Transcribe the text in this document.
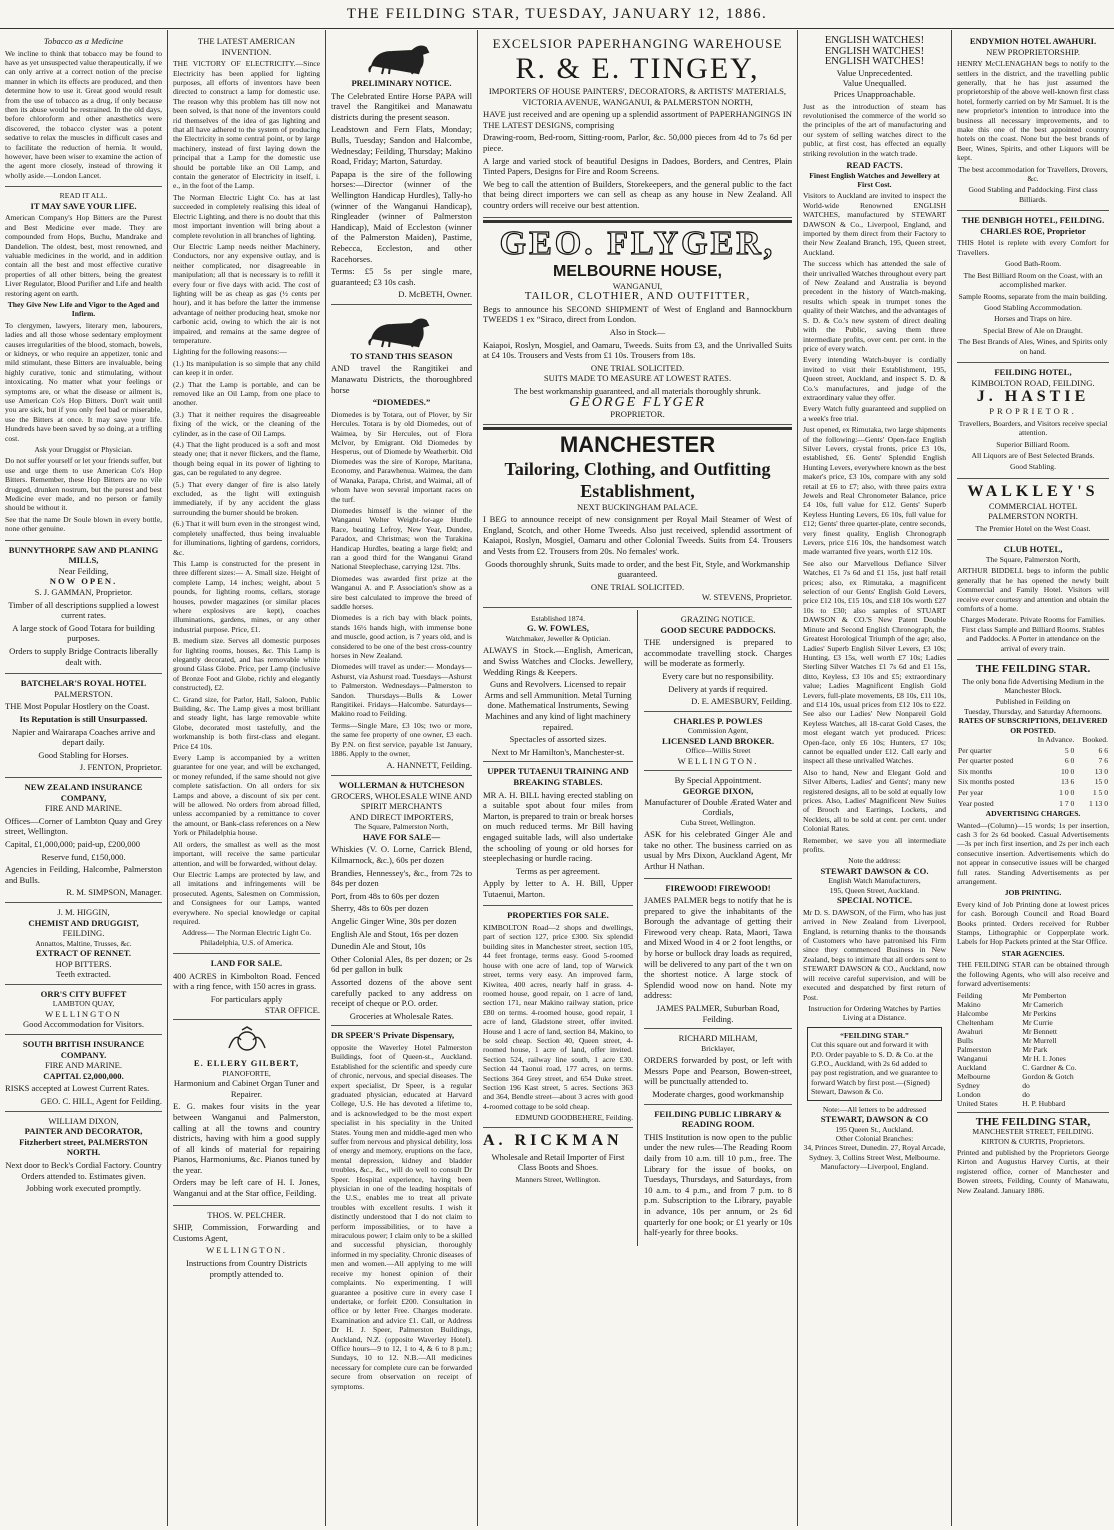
THE FEILDING STAR, TUESDAY, JANUARY 12, 1886.
Tobacco as a Medicine

We incline to think that tobacco may be found to have as yet unsuspected value therapeutically, if we can only arrive at a correct notion of the precise manner in which its effects are produced, and then determine how to use it. Great good would result from the use of tobacco as a drug, if only because then its abuse would be restrained. In the old days, before chloroform and other anæsthetics were discovered, the tobacco clyster was a potent sedative to relax the muscles in difficult cases and to facilitate the reduction of hernia. It would, however, have been wiser to examine the action of the agent more closely, instead of throwing it wholly aside.—London Lancet.

READ IT ALL.
IT MAY SAVE YOUR LIFE.

American Company's Hop Bitters are the Purest and Best Medicine ever made. They are compounded from Hops, Buchu, Mandrake and Dandelion. The oldest, best, most renowned, and valuable medicines in the world, and in addition contain all the best and most effective curative properties of all other bitters, being the greatest Liver Regulator, Blood Purifier and Life and health restoring agent on earth.

They Give New Life and Vigor to the Aged and Infirm.

To clergymen, lawyers, literary men, labourers, ladies and all those whose sedentary employment causes irregularities of the blood, stomach, bowels, or kidneys, or who require an appetizer, tonic and mild stimulant, these Bitters are invaluable, being highly curative, tonic and stimulating, without intoxicating. No matter what your feelings or symptoms are, or what the disease or ailment is, use American Co's Hop Bitters. Don't wait until you are sick, but if you only feel bad or miserable, use the Bitters at once. It may save your life. Hundreds have been saved by so doing, at a trifling cost.

Ask your Druggist or Physician.

Do not suffer yourself or let your friends suffer, but use and urge them to use American Co's Hop Bitters. Remember, these Hop Bitters are no vile drugged, drunken nostrum, but the purest and best Medicine ever made, and no person or family should be without it.

See that the name Dr Soule blown in every bottle, none other genuine.

BUNNYTHORPE SAW AND PLANING MILLS,
Near Feilding,
NOW OPEN.
S. J. GAMMAN, Proprietor.

Timber of all descriptions supplied a lowest current rates.

A large stock of Good Totara for building purposes.

Orders to supply Bridge Contracts liberally dealt with.

BATCHELAR'S ROYAL HOTEL
PALMERSTON.

THE Most Popular Hostlery on the Coast.

Its Reputation is still Unsurpassed.

Napier and Wairarapa Coaches arrive and depart daily.

Good Stabling for Horses.

J. FENTON, Proprietor.
NEW ZEALAND INSURANCE COMPANY,
FIRE AND MARINE.

Offices—Corner of Lambton Quay and Grey street, Wellington.

Capital, £1,000,000; paid-up, £200,000

Reserve fund, £150,000.

Agencies in Feilding, Halcombe, Palmerston and Bulls.

R. M. SIMPSON, Manager.
J. M. HIGGIN,
CHEMIST AND DRUGGIST,
FEILDING.
Annattos, Maltine, Trusses, &c.
EXTRACT OF RENNET.
HOP BITTERS.
Teeth extracted.
ORR'S CITY BUFFET
LAMBTON QUAY,
WELLINGTON
Good Accommodation for Visitors.
SOUTH BRITISH INSURANCE COMPANY.
FIRE AND MARINE.
CAPITAL £2,000,000.

RISKS accepted at Lowest Current Rates.

GEO. C. HILL, Agent for Feilding.
WILLIAM DIXON,
PAINTER AND DECORATOR, Fitzherbert street, PALMERSTON NORTH.

Next door to Beck's Cordial Factory. Country Orders attended to. Estimates given.

Jobbing work executed promptly.
THE LATEST AMERICAN INVENTION.

THE VICTORY OF ELECTRICITY.—Since Electricity has been applied for lighting purposes, all efforts of inventors have been directed to construct a lamp for domestic use. The reason why this problem has till now not been solved, is that none of the inventors could rid themselves of the idea of gas lighting and that all have adhered to the system of producing the Electricity in some central point, or by large machinery, instead of first laying down the principal that a Lamp for the domestic use should be portable like an Oil Lamp, and contain the generator of Electricity in itself, i. e., in the foot of the Lamp.

The Norman Electric Light Co. has at last succeeded in completely realising this ideal of Electric Lighting, and there is no doubt that this most important invention will bring about a complete revolution in all branches of lighting.

Our Electric Lamp needs neither Machinery, Conductors, nor any expensive outlay, and is neither complicated, nor disagreeable in manipulation; all that is necessary is to refill it every four or five days with acid. The cost of lighting will be as cheap as gas (½ cents per hour), and it has before the latter the immense advantage of neither producing heat, smoke nor carbonic acid, owing to which the air is not impaired, and remains at the same degree of temperature.

Lighting for the following reasons:—

(1.) Its manipulation is so simple that any child can keep it in order.

(2.) That the Lamp is portable, and can be removed like an Oil Lamp, from one place to another.

(3.) That it neither requires the disagreeable fixing of the wick, or the cleaning of the cylinder, as in the case of Oil Lamps.

(4.) That the light produced is a soft and most steady one; that it never flickers, and the flame, though being equal in its power of lighting to gas, can be regulated to any degree.

(5.) That every danger of fire is also lately excluded, as the light will extinguish immediately, if by any accident the glass surrounding the burner should be broken.

(6.) That it will burn even in the strongest wind, completely unaffected, thus being invaluable for illuminations, lighting of gardens, corridors, &c.

This Lamp is constructed for the present in three different sizes:— A. Small size. Height of complete Lamp, 14 inches; weight, about 5 pounds, for lighting rooms, cellars, storage houses, powder magazines (or similar places where explosives are kept), coaches illuminations, gardens, mines, or any other industrial purpose. Price, £1.

B. medium size. Serves all domestic purposes for lighting rooms, houses, &c. This Lamp is elegantly decorated, and has removable white ground Glass Globe. Price, per Lamp (inclusive of Bronze Foot and Globe, richly and elegantly constructed), £2.

C. Grand size, for Parlor, Hall, Saloon, Public Building, &c. The Lamp gives a most brilliant and steady light, has large removable white Globe, decorated most tastefully, and the workmanship is both first-class and elegant. Price £4 10s.

Every Lamp is accompanied by a written guarantee for one year, and will be exchanged, or money refunded, if the same should not give complete satisfaction. On all orders for six Lamps and above, a discount of six per cent. will be allowed. No orders from abroad filled, unless accompanied by a remittance to cover the amount, or Bank-class references on a New York or Philadelphia house.

All orders, the smallest as well as the most important, will receive the same particular attention, and will be forwarded, without delay.

Our Electric Lamps are protected by law, and all imitations and infringements will be prosecuted. Agents, Salesmen on Commission, and Consignees for our Lamps, wanted everywhere. No special knowledge or capital required.

Address— The Norman Electric Light Co. Philadelphia, U.S. of America.

LAND FOR SALE.

400 ACRES in Kimbolton Road. Fenced with a ring fence, with 150 acres in grass.

For particulars apply
STAR OFFICE.
E. ELLERY GILBERT,
PIANOFORTE,
Harmonium and Cabinet Organ Tuner and Repairer.

E. G. makes four visits in the year between Wanganui and Palmerston, calling at all the towns and country districts, having with him a good supply of all kinds of material for repairing Pianos, Harmoniums, &c. Pianos tuned by the year.

Orders may be left care of H. I. Jones, Wanganui and at the Star office, Feilding.

THOS. W. PELCHER.

SHIP, Commission, Forwarding and Customs Agent,

WELLINGTON.

Instructions from Country Districts promptly attended to.

PRELIMINARY NOTICE.

The Celebrated Entire Horse PAPA will travel the Rangitikei and Manawatu districts during the present season.

Leadstown and Fern Flats, Monday; Bulls, Tuesday; Sandon and Halcombe, Wednesday; Feilding, Thursday; Makino Road, Friday; Marton, Saturday.

Papapa is the sire of the following horses:—Director (winner of the Wellington Handicap Hurdles), Tally-ho (winner of the Wanganui Handicap), Ringleader (winner of Palmerston Handicap), Maid of Eccleston (winner of the Palmerston Maiden), Pastime, Rebecca, Eccleston, and other Racehorses.

Terms: £5 5s per single mare, guaranteed; £3 10s cash.

D. McBETH, Owner.
TO STAND THIS SEASON

AND travel the Rangitikei and Manawatu Districts, the thoroughbred horse

“DIOMEDES.”

Diomedes is by Totara, out of Plover, by Sir Hercules. Totara is by old Diomedes, out of Waimea, by Sir Hercules, out of Flora McIvor, by Emigrant. Old Diomedes by Hesperus, out of Diomede by Weatherbit. Old Diomedes was the sire of Korope, Maritana, Economy, and Parawhenua. Waimea, the dam of Wanaka, Parapa, Christ, and Waimai, all of whom have won several important races on the turf.

Diomedes himself is the winner of the Wanganui Welter Weight-for-age Hurdle Race, beating Lefroy, New Year, Dundee, Paradox, and Christmas; won the Turakina Handicap Hurdles, beating a large field; and ran a good third for the Wanganui Grand National Steeplechase, carrying 12st. 7lbs.

Diomedes was awarded first prize at the Wanganui A. and P. Association's show as a sire best calculated to improve the breed of saddle horses.

Diomedes is a rich bay with black points, stands 16½ hands high, with immense bone and muscle, good action, is 7 years old, and is considered to be one of the best cross-country horses in New Zealand.

Diomedes will travel as under:— Mondays—Ashurst, via Ashurst road. Tuesdays—Ashurst to Palmerston. Wednesdays—Palmerston to Sandon. Thursdays—Bulls & Lower Rangitikei. Fridays—Halcombe. Saturdays—Makino road to Feilding.

Terms—Single Mare, £3 10s; two or more, the same fee property of one owner, £3 each. By P.N. on first service, payable 1st January, 1886. Apply to the owner,

A. HANNETT, Feilding.
WOLLERMAN & HUTCHESON
GROCERS, WHOLESALE WINE AND SPIRIT MERCHANTS
AND DIRECT IMPORTERS,
The Square, Palmerston North,
HAVE FOR SALE—

Whiskies (V. O. Lorne, Carrick Blend, Kilmarnock, &c.), 60s per dozen

Brandies, Hennessey's, &c., from 72s to 84s per dozen

Port, from 48s to 60s per dozen

Sherry, 48s to 60s per dozen

Angelic Ginger Wine, 30s per dozen

English Ale and Stout, 16s per dozen

Dunedin Ale and Stout, 10s

Other Colonial Ales, 8s per dozen; or 2s 6d per gallon in bulk

Assorted dozens of the above sent carefully packed to any address on receipt of cheque or P.O. order.

Groceries at Wholesale Rates.
DR SPEER'S Private Dispensary,

opposite the Waverley Hotel Palmerston Buildings, foot of Queen-st., Auckland. Established for the scientific and speedy cure of chronic, nervous, and special diseases. The expert specialist, Dr Speer, is a regular graduated physician, educated at Harvard College, U.S. He has devoted a lifetime to, and is acknowledged to be the most expert specialist in his speciality in the United States. Young men and middle-aged men who suffer from nervous and physical debility, loss of energy and memory, eruptions on the face, mental depression, kidney and bladder troubles, &c., &c., will do well to consult Dr Speer. Hospital experience, having been physician in one of the leading hospitals of the U.S., enables me to treat all private troubles with excellent results. I wish it distinctly understood that I do not claim to perform impossibilities, or to have a miraculous power; I claim only to be a skilled and successful physician, thoroughly informed in my speciality. Chronic diseases of men and women.—All applying to me will receive my honest opinion of their complaints. No experimenting. I will guarantee a positive cure in every case I undertake, or forfeit £200. Consultation in office or by letter Free. Charges moderate. Examination and advice £1. Call, or Address Dr H. J. Speer, Palmerston Buildings, Auckland, N.Z. (opposite Waverley Hotel). Office hours—9 to 12, 1 to 4, & 6 to 8 p.m.; Sundays, 10 to 12. N.B.—All medicines necessary for complete cure can be forwarded secure from observation on receipt of symptoms.

EXCELSIOR PAPERHANGING WAREHOUSE
R. & E. TINGEY,
IMPORTERS OF HOUSE PAINTERS', DECORATORS, & ARTISTS' MATERIALS,
VICTORIA AVENUE, WANGANUI, & PALMERSTON NORTH,

HAVE just received and are opening up a splendid assortment of PAPERHANGINGS IN THE LATEST DESIGNS, comprising

Drawing-room, Bed-room, Sitting-room, Parlor, &c. 50,000 pieces from 4d to 7s 6d per piece.

A large and varied stock of beautiful Designs in Dadoes, Borders, and Centres, Plain Tinted Papers, Designs for Fire and Room Screens.

We beg to call the attention of Builders, Storekeepers, and the general public to the fact that being direct importers we can sell as cheap as any house in New Zealand. All country orders will receive our best attention.

GEO. FLYGER,
MELBOURNE HOUSE,
WANGANUI,
TAILOR, CLOTHIER, AND OUTFITTER,

Begs to announce his SECOND SHIPMENT of West of England and Bannockburn TWEEDS 1 ex “Siraco, direct from London.

Also in Stock—

Kaiapoi, Roslyn, Mosgiel, and Oamaru, Tweeds. Suits from £3, and the Unrivalled Suits at £4 10s. Trousers and Vests from £1 10s. Trousers from 18s.

ONE TRIAL SOLICITED.
SUITS MADE TO MEASURE AT LOWEST RATES.

The best workmanship guaranteed, and all materials thoroughly shrunk.

GEORGE FLYGER
PROPRIETOR.
MANCHESTER
Tailoring, Clothing, and Outfitting Establishment,
NEXT BUCKINGHAM PALACE.

I BEG to announce receipt of new consignment per Royal Mail Steamer of West of England, Scotch, and other Home Tweeds. Also just received, splendid assortment of Kaiapoi, Roslyn, Mosgiel, Oamaru and other Colonial Tweeds. Suits from £4. Trousers and Vests from £2. Trousers from 20s. No females' work.

Goods thoroughly shrunk, Suits made to order, and the best Fit, Style, and Workmanship guaranteed.

ONE TRIAL SOLICITED.
W. STEVENS, Proprietor.
Established 1874.
G. W. FOWLES,
Watchmaker, Jeweller & Optician.

ALWAYS in Stock.—English, American, and Swiss Watches and Clocks. Jewellery, Wedding Rings & Keepers.

Guns and Revolvers. Licensed to repair Arms and sell Ammunition. Metal Turning done. Mathematical Instruments, Sewing Machines and any kind of light machinery repaired.

Spectacles of assorted sizes.

Next to Mr Hamilton's, Manchester-st.
UPPER TUTAENUI TRAINING AND BREAKING STABLES.

MR A. H. BILL having erected stabling on a suitable spot about four miles from Marton, is prepared to train or break horses on much reduced terms. Mr Bill having engaged suitable lads, will also undertake the schooling of young or old horses for steeplechasing or hurdle racing.

Terms as per agreement.

Apply by letter to A. H. Bill, Upper Tutaenui, Marton.

PROPERTIES FOR SALE.

KIMBOLTON Road—2 shops and dwellings, part of section 127, price £300. Six splendid building sites in Manchester street, section 105, 44 feet frontage, terms easy. Good 5-roomed house with one acre of land, top of Warwick street, terms very easy. An improved farm, Kiwitea, 400 acres, nearly half in grass. 4-roomed house, good repair, on 1 acre of land, section 171, near Makino railway station, price £80 on terms. 4-roomed house, good repair, 1 acre of land, Gladstone street, offer invited. House and 1 acre of land, section 84, Makino, to be sold cheap. Section 40, Queen street, 4-roomed house, 1 acre of land, offer invited. Section 524, railway line south, 1 acre £30. Section 44 Taonui road, 177 acres, on terms. Sections 364 Grey street, and 654 Duke street. Section 196 Kast street, 5 acres. Sections 363 and 364, Bendle street—about 3 acres with good 4-roomed cottage to be sold cheap.

EDMUND GOODBEHERE, Feilding.
A. RICKMAN

Wholesale and Retail Importer of First Class Boots and Shoes.

Manners Street, Wellington.
GRAZING NOTICE.
GOOD SECURE PADDOCKS.

THE undersigned is prepared to accommodate travelling stock. Charges will be moderate as formerly.

Every care but no responsibility.

Delivery at yards if required.

D. E. AMESBURY, Feilding.
CHARLES P. POWLES
Commission Agent,
LICENSED LAND BROKER.
Office—Willis Street
WELLINGTON.
By Special Appointment.
GEORGE DIXON,
Manufacturer of Double Ærated Water and Cordials,
Cuba Street, Wellington.

ASK for his celebrated Ginger Ale and take no other. The business carried on as usual by Mrs Dixon, Auckland Agent, Mr Arthur H Nathan.

FIREWOOD! FIREWOOD!

JAMES PALMER begs to notify that he is prepared to give the inhabitants of the Borough the advantage of getting their Firewood very cheap. Rata, Maori, Tawa and Mixed Wood in 4 or 2 foot lengths, or by horse or bullock dray loads as required, will be delivered to any part of the t wn on the shortest notice. A large stock of Splendid wood now on hand. Note my address:

JAMES PALMER, Suburban Road, Feilding.
RICHARD MILHAM,
Bricklayer,

ORDERS forwarded by post, or left with Messrs Pope and Pearson, Bowen-street, will be punctually attended to.

Moderate charges, good workmanship
FEILDING PUBLIC LIBRARY & READING ROOM.

THIS Institution is now open to the public under the new rules—The Reading Room daily from 10 a.m. till 10 p.m., free. The Library for the issue of books, on Tuesdays, Thursdays, and Saturdays, from 10 a.m. to 4 p.m., and from 7 p.m. to 8 p.m. Subscription to the Library, payable in advance, 10s per annum, or 2s 6d quarterly for one book; or £1 yearly or 10s half-yearly for three books.

ENGLISH WATCHES!
ENGLISH WATCHES!
ENGLISH WATCHES!
Value Unprecedented.
Value Unequalled.
Prices Unapproachable.

Just as the introduction of steam has revolutionised the commerce of the world so the principles of the art of manufacturing and our system of selling watches direct to the public, at first cost, has effected an equally striking revolution in the watch trade.

READ FACTS.
Finest English Watches and Jewellery at First Cost.

Visitors to Auckland are invited to inspect the World-wide Renowned ENGLISH WATCHES, manufactured by STEWART DAWSON & Co., Liverpool, England, and imported by them direct from their Factory to their New Zealand Branch, 195, Queen street, Auckland.

The success which has attended the sale of their unrivalled Watches throughout every part of New Zealand and Australia is beyond precedent in the history of Watch-making, results which speak in trumpet tones the quality of their Watches, and the advantages of S. D. & Co.'s new system of direct dealing with the Public, saving them three intermediate profits, over cent. per cent. in the price of every watch.

Every intending Watch-buyer is cordially invited to visit their Establishment, 195, Queen street, Auckland, and inspect S. D. & Co.'s manufactures, and judge of the extraordinary value they offer.

Every Watch fully guaranteed and supplied on a week's free trial.

Just opened, ex Rimutaka, two large shipments of the following:—Gents' Open-face English Silver Levers, crystal fronts, price £3 10s, established, £6. Gents' Splendid English Hunting Levers, everywhere known as the best maker's price, £3 10s, compare with any sold retail at £6 to £7; also, with three pairs extra Jewels and Real Chronometer Balance, price £4 10s, full value for £12. Gents' Superb Keyless Hunting Levers, £6 10s, full value for £12; Gents' three quarter-plate, centre seconds, very finest quality, English Chronograph Levers, price £16 10s, the handsomest watch made warranted five years, worth £12 10s.

See also our Marvellous Defiance Silver Watches, £1 7s 6d and £1 15s, just half retail prices; also, ex Rimutaka, a magnificent selection of our Gents' English Gold Levers, price £12 10s, £15 10s, and £18 10s worth £27 10s to £30; also samples of STUART DAWSON & CO.'S New Patent Double Minute and Second English Chronograph, the Greatest Horological Triumph of the age; also, Ladies' Superb English Silver Levers, £3 10s; Hunting, £3 15s, well worth £7 10s; Ladies Sterling Silver Watches £1 7s 6d and £1 15s, ditto, Keyless, £3 10s and £5; extraordinary value; Ladies Magnificent English Gold Levers, full-plate movements, £8 10s, £11 10s, and £14 10s, usual prices from £12 10s to £22. See also our Ladies' New Nonpareil Gold Keyless Watches, all 18-carat Gold Cases, the most elegant watch yet produced. Prices: Open-face, only £6 10s; Hunters, £7 10s; cannot be equalled under £12. Call early and inspect all these unrivalled Watches.

Also to hand, New and Elegant Gold and Silver Alberts, Ladies' and Gents'; many new registered designs, all to be sold at equally low prices. Also, Ladies' Magnificent New Suites of Brooch and Earrings, Lockets, and Necklets, all to be sold at cent. per cent. under Colonial Rates.

Remember, we save you all intermediate profits.

Note the address:
STEWART DAWSON & CO.
English Watch Manufacturers,
195, Queen Street, Auckland.
SPECIAL NOTICE.

Mr D. S. DAWSON, of the Firm, who has just arrived in New Zealand from Liverpool, England, is returning thanks to the thousands of Customers who have patronised his Firm since they commenced Business in New Zealand, begs to intimate that all orders sent to STEWART DAWSON & CO., Auckland, now will receive careful supervision, and will be executed and despatched by first return of Post.

Instruction for Ordering Watches by Parties Living at a Distance.
“FEILDING STAR.”
Cut this square out and forward it with P.O. Order payable to S. D. & Co. at the G.P.O., Auckland, with 2s 6d added to pay post registration, and we guarantee to forward Watch by first post.—(Signed) Stewart, Dawson & Co.
Note:—All letters to be addressed
STEWART, DAWSON & CO
195 Queen St., Auckland.
Other Colonial Branches:
34, Princes Street, Dunedin. 27, Royal Arcade, Sydney. 3, Collins Street West, Melbourne.
Manufactory—Liverpool, England.
ENDYMION HOTEL AWAHURI.
NEW PROPRIETORSHIP.

HENRY McCLENAGHAN begs to notify to the settlers in the district, and the travelling public generally, that he has just assumed the proprietorship of the above well-known first class hotel, formerly carried on by Mr Samuel. It is the new proprietor's intention to introduce into the business all necessary improvements, and to make this one of the best appointed country hotels on the coast. None but the best brands of Beer, Wines, Spirits, and other Liquors will be kept.

The best accommodation for Travellers, Drovers, &c.

Good Stabling and Paddocking. First class Billiards.

THE DENBIGH HOTEL, FEILDING.
CHARLES ROE, Proprietor

THIS Hotel is replete with every Comfort for Travellers.

Good Bath-Room.

The Best Billiard Room on the Coast, with an accomplished marker.

Sample Rooms, separate from the main building.

Good Stabling Accommodation.

Horses and Traps on hire.

Special Brew of Ale on Draught.

The Best Brands of Ales, Wines, and Spirits only on hand.

FEILDING HOTEL,
KIMBOLTON ROAD, FEILDING.
J. HASTIE
PROPRIETOR.

Travellers, Boarders, and Visitors receive special attention.

Superior Billiard Room.

All Liquors are of Best Selected Brands.

Good Stabling.

WALKLEY'S
COMMERCIAL HOTEL
PALMERSTON NORTH.

The Premier Hotel on the West Coast.

CLUB HOTEL,
The Square, Palmerston North,

ARTHUR BIDDELL begs to inform the public generally that he has opened the newly built Commercial and Family Hotel. Visitors will receive ever courtesy and attention and obtain the comforts of a home.

Charges Moderate. Private Rooms for Families. First class Sample and Billiard Rooms. Stables and Paddocks. A Porter in attendance on the arrival of every train.

THE FEILDING STAR.

The only bona fide Advertising Medium in the Manchester Block.

Published in Feilding on
Tuesday, Thursday, and Saturday Afternoons.
RATES OF SUBSCRIPTIONS, DELIVERED OR POSTED.
	In Advance.	Booked.
Per quarter	5 0	6 6
Per quarter posted	6 0	7 6
Six months	10 0	13 0
Six months posted	13 6	15 0
Per year	1 0 0	1 5 0
Year posted	1 7 0	1 13 0
ADVERTISING CHARGES.

Wanted—(Column)—15 words; 1s per insertion, cash 3 for 2s 6d booked. Casual Advertisements—3s per inch first insertion, and 2s per inch each consecutive insertion. Advertisements which do not appear in consecutive issues will be charged full rates. Standing Advertisements as per arrangement.

JOB PRINTING.

Every kind of Job Printing done at lowest prices for cash. Borough Council and Road Board Books printed. Orders received for Rubber Stamps, Lithographic or Copperplate work. Labels for Hop Packets printed at the Star Office.

STAR AGENCIES.

THE FEILDING STAR can be obtained through the following Agents, who will also receive and forward advertisements:

Feilding	Mr Pemberton
Makino	Mr Camerich
Halcombe	Mr Perkins
Cheltenham	Mr Currie
Awahuri	Mr Bennett
Bulls	Mr Murrell
Palmerston	Mr Park
Wanganui	Mr H. I. Jones
Auckland	C. Gardner & Co.
Melbourne	Gordon & Gotch
Sydney	do
London	do
United States	H. P. Hubbard
THE FEILDING STAR,
MANCHESTER STREET, FEILDING.
KIRTON & CURTIS, Proprietors.

Printed and published by the Proprietors George Kirton and Augustus Harvey Curtis, at their registered office, corner of Manchester and Bowen streets, Feilding, County of Manawatu, New Zealand. January 1886.
